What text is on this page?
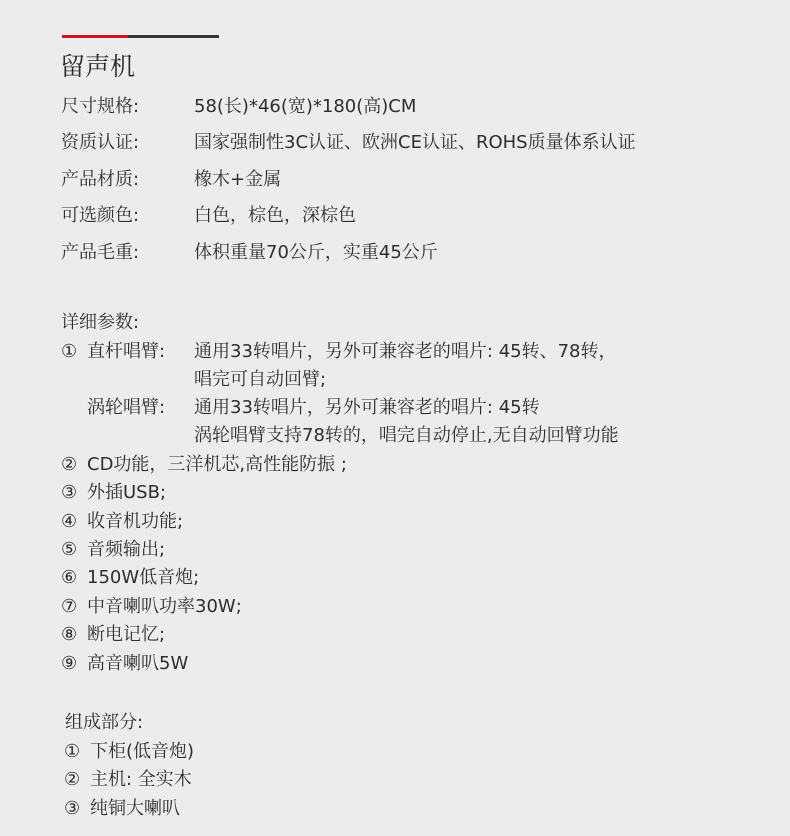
留声机
尺寸规格:	58(长)*46(宽)*180(高)CM
资质认证:	国家强制性3C认证、欧洲CE认证、ROHS质量体系认证
产品材质:	橡木+金属
可选颜色:	白色，棕色，深棕色
产品毛重:	体积重量70公斤，实重45公斤
详细参数:
① 直杆唱臂: 通用33转唱片，另外可兼容老的唱片: 45转、78转，
唱完可自动回臂;
涡轮唱臂: 通用33转唱片，另外可兼容老的唱片: 45转
涡轮唱臂支持78转的，唱完自动停止,无自动回臂功能
② CD功能，三洋机芯,高性能防振 ;
③ 外插USB;
④ 收音机功能;
⑤ 音频输出;
⑥ 150W低音炮;
⑦ 中音喇叭功率30W;
⑧ 断电记忆;
⑨ 高音喇叭5W
组成部分:
① 下柜(低音炮)
② 主机: 全实木
③ 纯铜大喇叭
